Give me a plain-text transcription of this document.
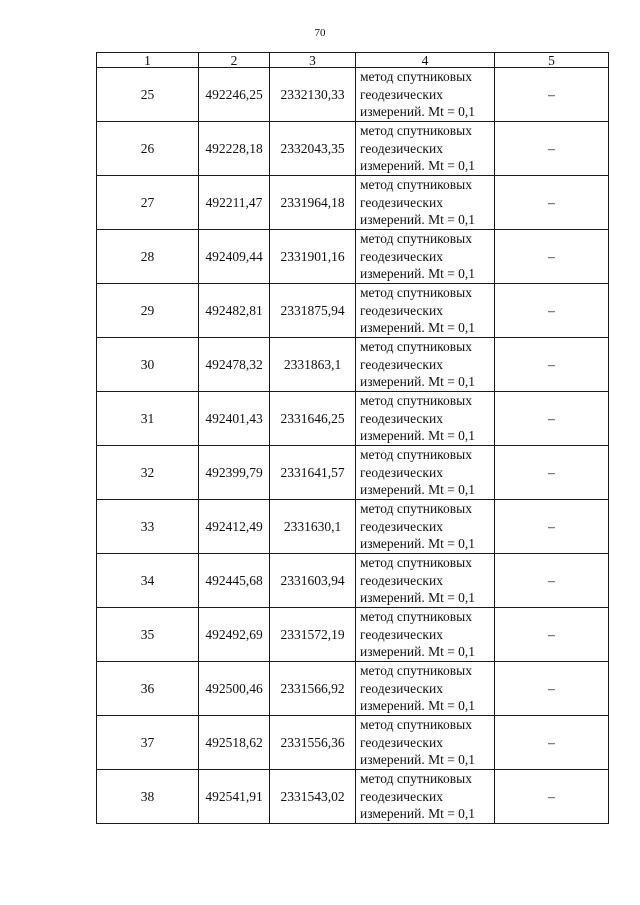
70
1	2	3	4	5
25	492246,25	2332130,33	метод спутниковых
геодезических
измерений. Mt = 0,1	–
26	492228,18	2332043,35	метод спутниковых
геодезических
измерений. Mt = 0,1	–
27	492211,47	2331964,18	метод спутниковых
геодезических
измерений. Mt = 0,1	–
28	492409,44	2331901,16	метод спутниковых
геодезических
измерений. Mt = 0,1	–
29	492482,81	2331875,94	метод спутниковых
геодезических
измерений. Mt = 0,1	–
30	492478,32	2331863,1	метод спутниковых
геодезических
измерений. Mt = 0,1	–
31	492401,43	2331646,25	метод спутниковых
геодезических
измерений. Mt = 0,1	–
32	492399,79	2331641,57	метод спутниковых
геодезических
измерений. Mt = 0,1	–
33	492412,49	2331630,1	метод спутниковых
геодезических
измерений. Mt = 0,1	–
34	492445,68	2331603,94	метод спутниковых
геодезических
измерений. Mt = 0,1	–
35	492492,69	2331572,19	метод спутниковых
геодезических
измерений. Mt = 0,1	–
36	492500,46	2331566,92	метод спутниковых
геодезических
измерений. Mt = 0,1	–
37	492518,62	2331556,36	метод спутниковых
геодезических
измерений. Mt = 0,1	–
38	492541,91	2331543,02	метод спутниковых
геодезических
измерений. Mt = 0,1	–
